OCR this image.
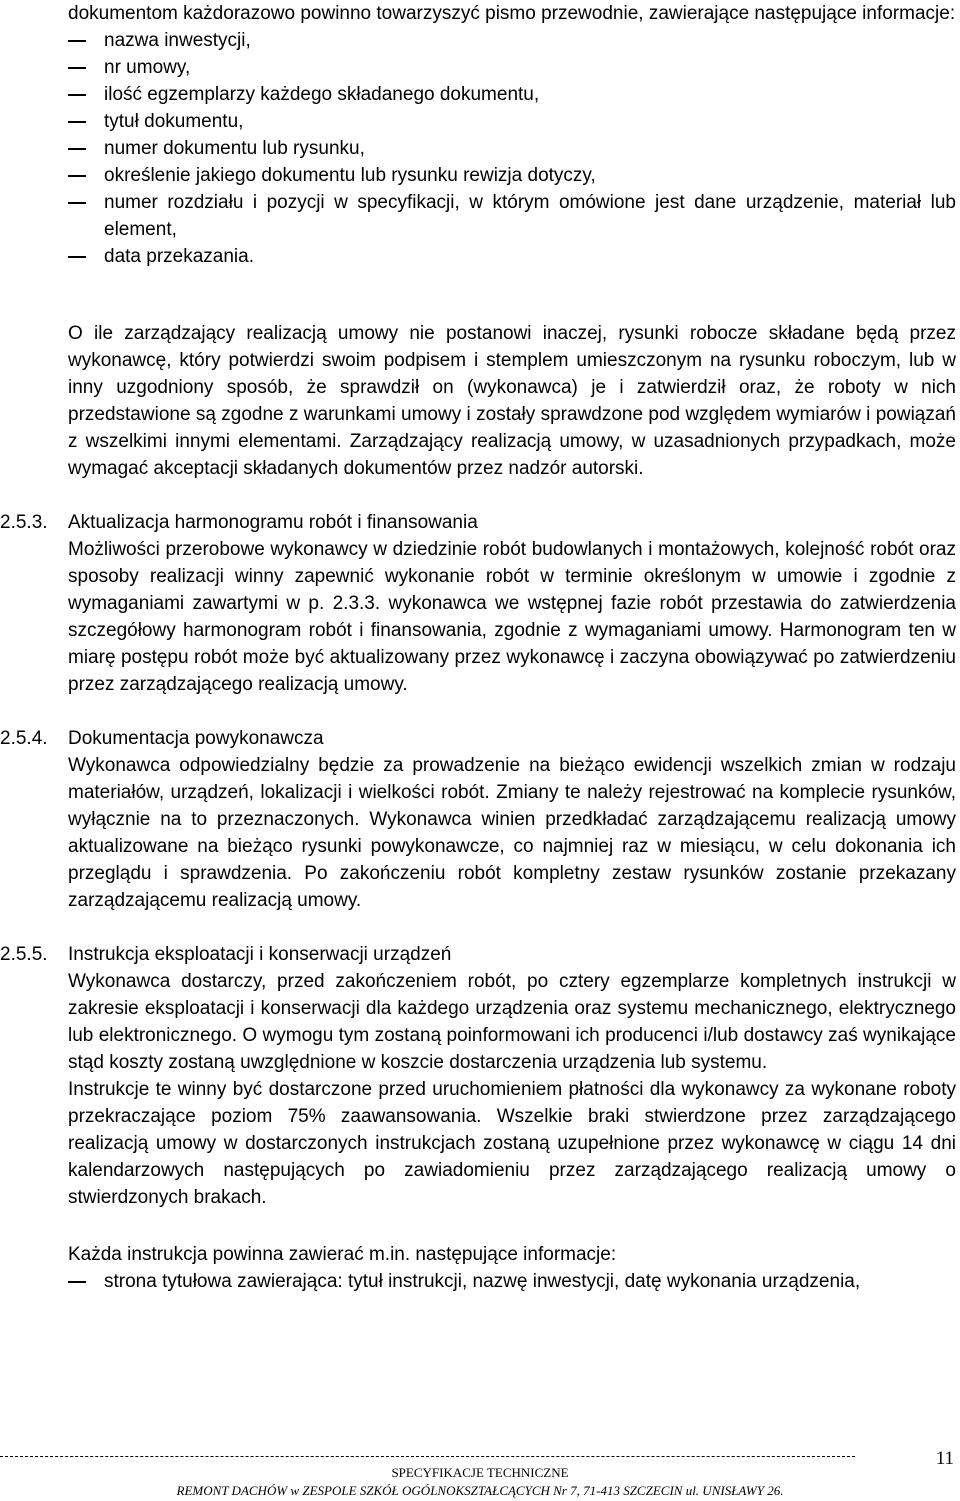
dokumentom każdorazowo powinno towarzyszyć pismo przewodnie, zawierające następujące informacje:

nazwa inwestycji,
nr umowy,
ilość egzemplarzy każdego składanego dokumentu,
tytuł dokumentu,
numer dokumentu lub rysunku,
określenie jakiego dokumentu lub rysunku rewizja dotyczy,
numer rozdziału i pozycji w specyfikacji, w którym omówione jest dane urządzenie, materiał lub element,
data przekazania.

O ile zarządzający realizacją umowy nie postanowi inaczej, rysunki robocze składane będą przez wykonawcę, który potwierdzi swoim podpisem i stemplem umieszczonym na rysunku roboczym, lub w inny uzgodniony sposób, że sprawdził on (wykonawca) je i zatwierdził oraz, że roboty w nich przedstawione są zgodne z warunkami umowy i zostały sprawdzone pod względem wymiarów i powiązań z wszelkimi innymi elementami. Zarządzający realizacją umowy, w uzasadnionych przypadkach, może wymagać akceptacji składanych dokumentów przez nadzór autorski.

2.5.3. Aktualizacja harmonogramu robót i finansowania

Możliwości przerobowe wykonawcy w dziedzinie robót budowlanych i montażowych, kolejność robót oraz sposoby realizacji winny zapewnić wykonanie robót w terminie określonym w umowie i zgodnie z wymaganiami zawartymi w p. 2.3.3. wykonawca we wstępnej fazie robót przestawia do zatwierdzenia szczegółowy harmonogram robót i finansowania, zgodnie z wymaganiami umowy. Harmonogram ten w miarę postępu robót może być aktualizowany przez wykonawcę i zaczyna obowiązywać po zatwierdzeniu przez zarządzającego realizacją umowy.

2.5.4. Dokumentacja powykonawcza

Wykonawca odpowiedzialny będzie za prowadzenie na bieżąco ewidencji wszelkich zmian w rodzaju materiałów, urządzeń, lokalizacji i wielkości robót. Zmiany te należy rejestrować na komplecie rysunków, wyłącznie na to przeznaczonych. Wykonawca winien przedkładać zarządzającemu realizacją umowy aktualizowane na bieżąco rysunki powykonawcze, co najmniej raz w miesiącu, w celu dokonania ich przeglądu i sprawdzenia. Po zakończeniu robót kompletny zestaw rysunków zostanie przekazany zarządzającemu realizacją umowy.

2.5.5. Instrukcja eksploatacji i konserwacji urządzeń

Wykonawca dostarczy, przed zakończeniem robót, po cztery egzemplarze kompletnych instrukcji w zakresie eksploatacji i konserwacji dla każdego urządzenia oraz systemu mechanicznego, elektrycznego lub elektronicznego. O wymogu tym zostaną poinformowani ich producenci i/lub dostawcy zaś wynikające stąd koszty zostaną uwzględnione w koszcie dostarczenia urządzenia lub systemu.

Instrukcje te winny być dostarczone przed uruchomieniem płatności dla wykonawcy za wykonane roboty przekraczające poziom 75% zaawansowania. Wszelkie braki stwierdzone przez zarządzającego realizacją umowy w dostarczonych instrukcjach zostaną uzupełnione przez wykonawcę w ciągu 14 dni kalendarzowych następujących po zawiadomieniu przez zarządzającego realizacją umowy o stwierdzonych brakach.

Każda instrukcja powinna zawierać m.in. następujące informacje:

strona tytułowa zawierająca: tytuł instrukcji, nazwę inwestycji, datę wykonania urządzenia,
11
SPECYFIKACJE TECHNICZNE
REMONT DACHÓW w ZESPOLE SZKÓŁ OGÓLNOKSZTAŁCĄCYCH Nr 7, 71-413 SZCZECIN ul. UNISŁAWY 26.
